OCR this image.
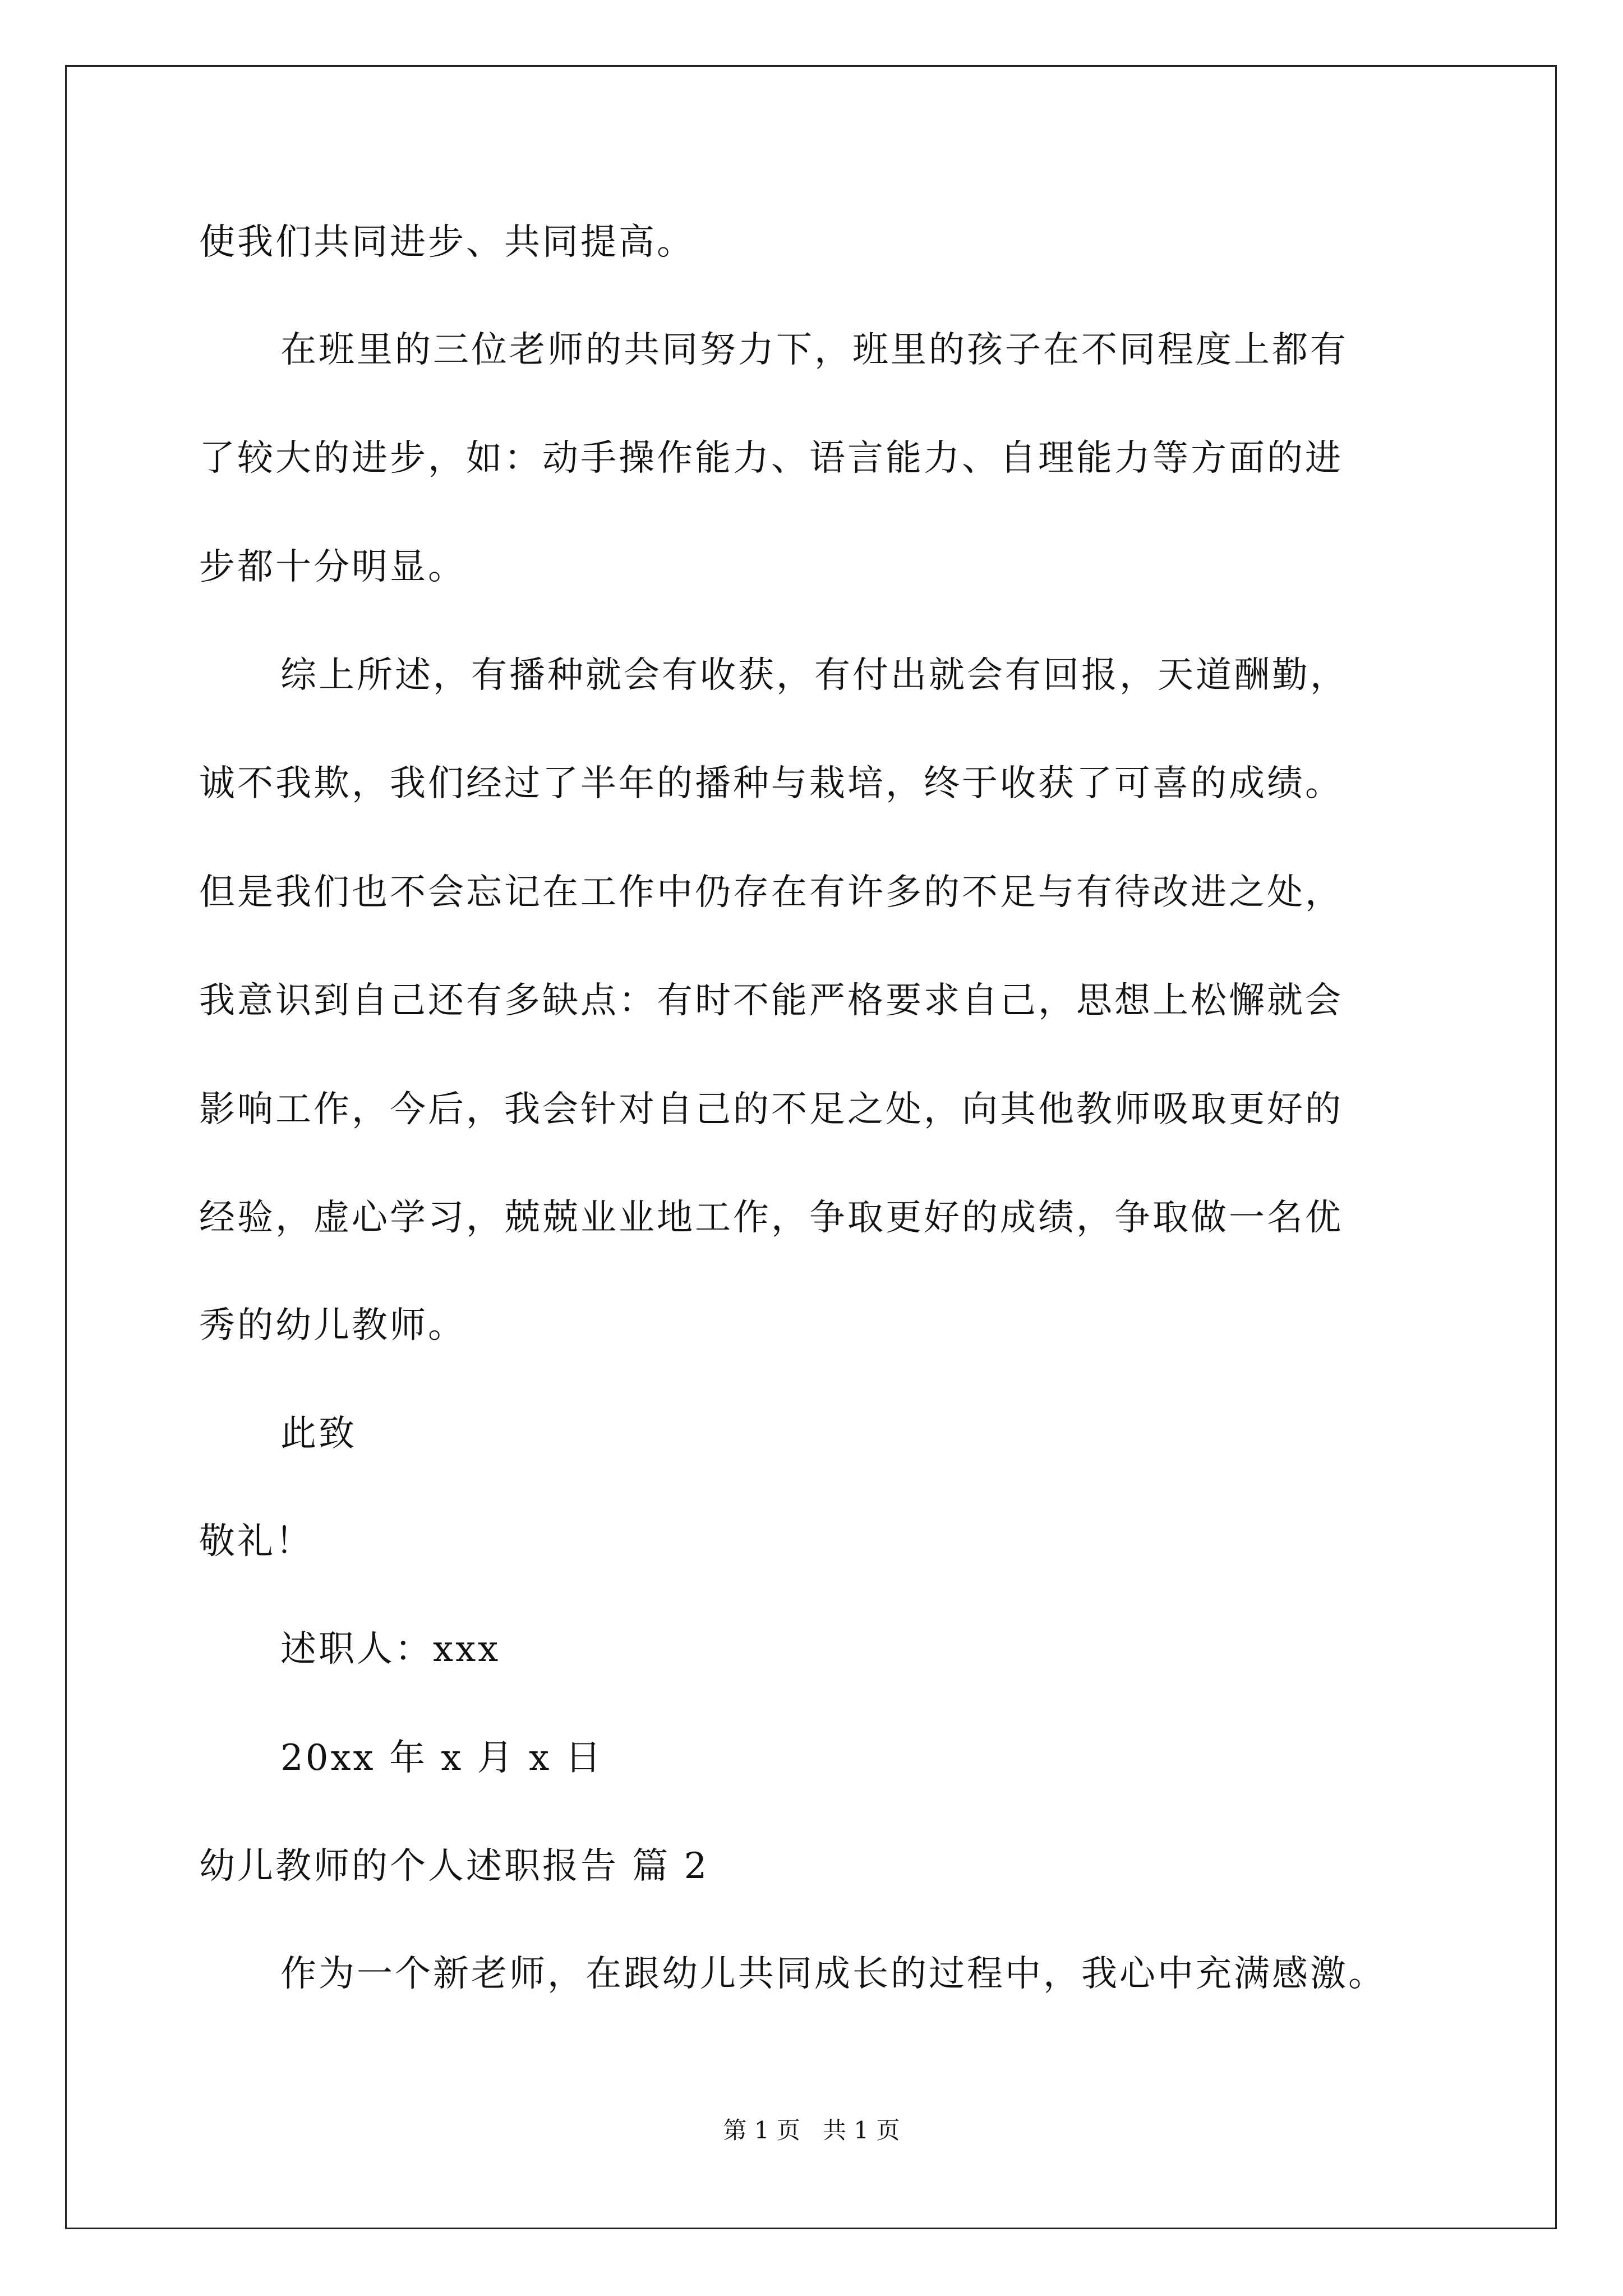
使我们共同进步、共同提高。
在班里的三位老师的共同努力下，班里的孩子在不同程度上都有
了较大的进步，如：动手操作能力、语言能力、自理能力等方面的进
步都十分明显。
综上所述，有播种就会有收获，有付出就会有回报，天道酬勤，
诚不我欺，我们经过了半年的播种与栽培，终于收获了可喜的成绩。
但是我们也不会忘记在工作中仍存在有许多的不足与有待改进之处，
我意识到自己还有多缺点：有时不能严格要求自己，思想上松懈就会
影响工作，今后，我会针对自己的不足之处，向其他教师吸取更好的
经验，虚心学习，兢兢业业地工作，争取更好的成绩，争取做一名优
秀的幼儿教师。
此致
敬礼！
述职人：xxx
20xx 年 x 月 x 日
幼儿教师的个人述职报告 篇 2
作为一个新老师，在跟幼儿共同成长的过程中，我心中充满感激。
第 1 页   共 1 页
